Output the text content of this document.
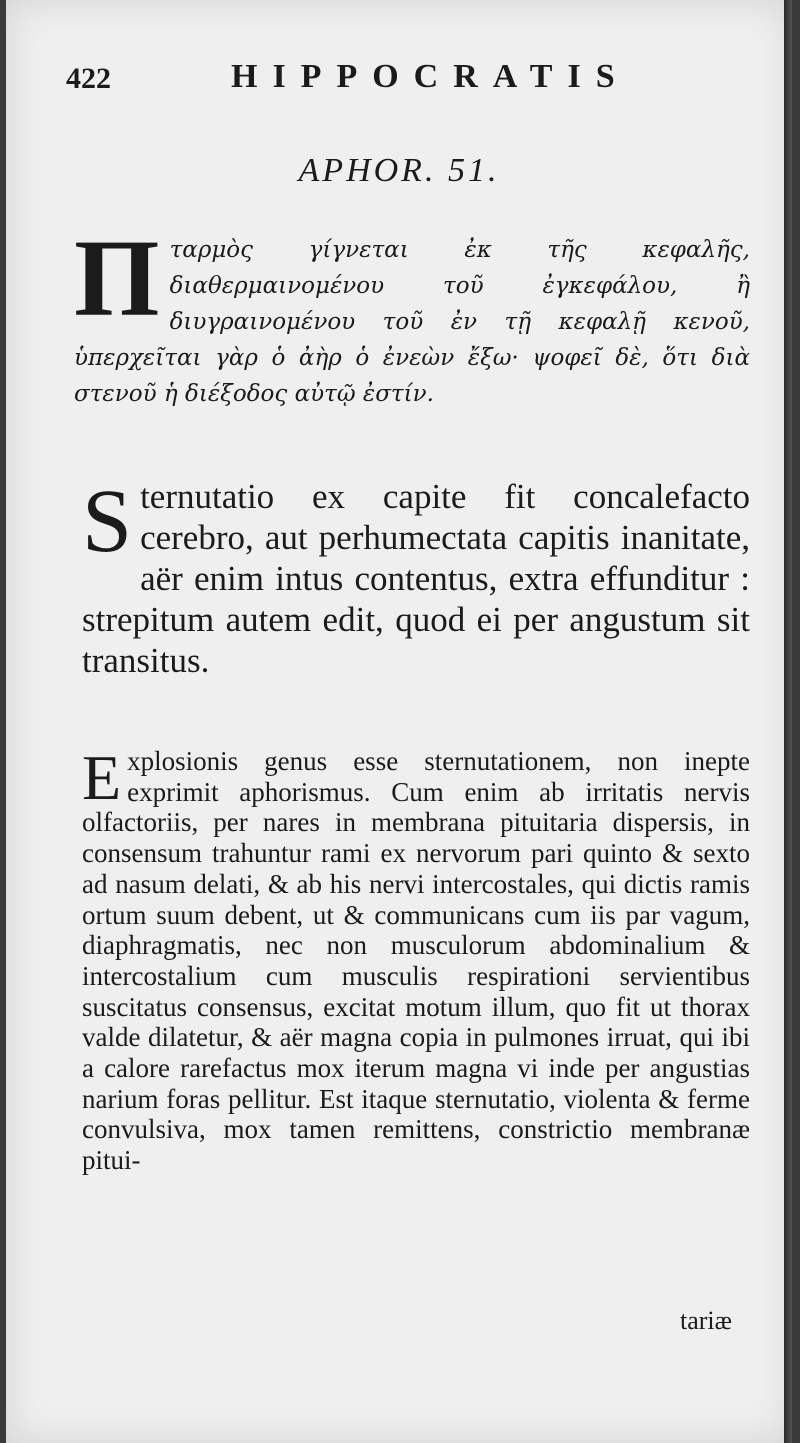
422	HIPPOCRATIS
APHOR. 51.
Π ταρμὸς γίγνεται ἐκ τῆς κεφαλῆς, διαθερμαινομένου τοῦ ἐγκεφάλου, ἢ διυγραινομένου τοῦ ἐν τῇ κεφαλῇ κενοῦ, ὑπερχεῖται γὰρ ὁ ἀὴρ ὁ ἐνεὼν ἔξω· ψοφεῖ δὲ, ὅτι διὰ στενοῦ ἡ διέξοδος αὐτῷ ἐστίν.
S ternutatio ex capite fit concalefacto cerebro, aut perhumectata capitis inanitate, aër enim intus contentus, extra effunditur : strepitum autem edit, quod ei per angustum sit transitus.
E xplosionis genus esse sternutationem, non inepte exprimit aphorismus. Cum enim ab irritatis nervis olfactoriis, per nares in membrana pituitaria dispersis, in consensum trahuntur rami ex nervorum pari quinto & sexto ad nasum delati, & ab his nervi intercostales, qui dictis ramis ortum suum debent, ut & communicans cum iis par vagum, diaphragmatis, nec non musculorum abdominalium & intercostalium cum musculis respirationi servientibus suscitatus consensus, excitat motum illum, quo fit ut thorax valde dilatetur, & aër magna copia in pulmones irruat, qui ibi a calore rarefactus mox iterum magna vi inde per angustias narium foras pellitur. Est itaque sternutatio, violenta & ferme convulsiva, mox tamen remittens, constrictio membranæ pitui-
tariæ
